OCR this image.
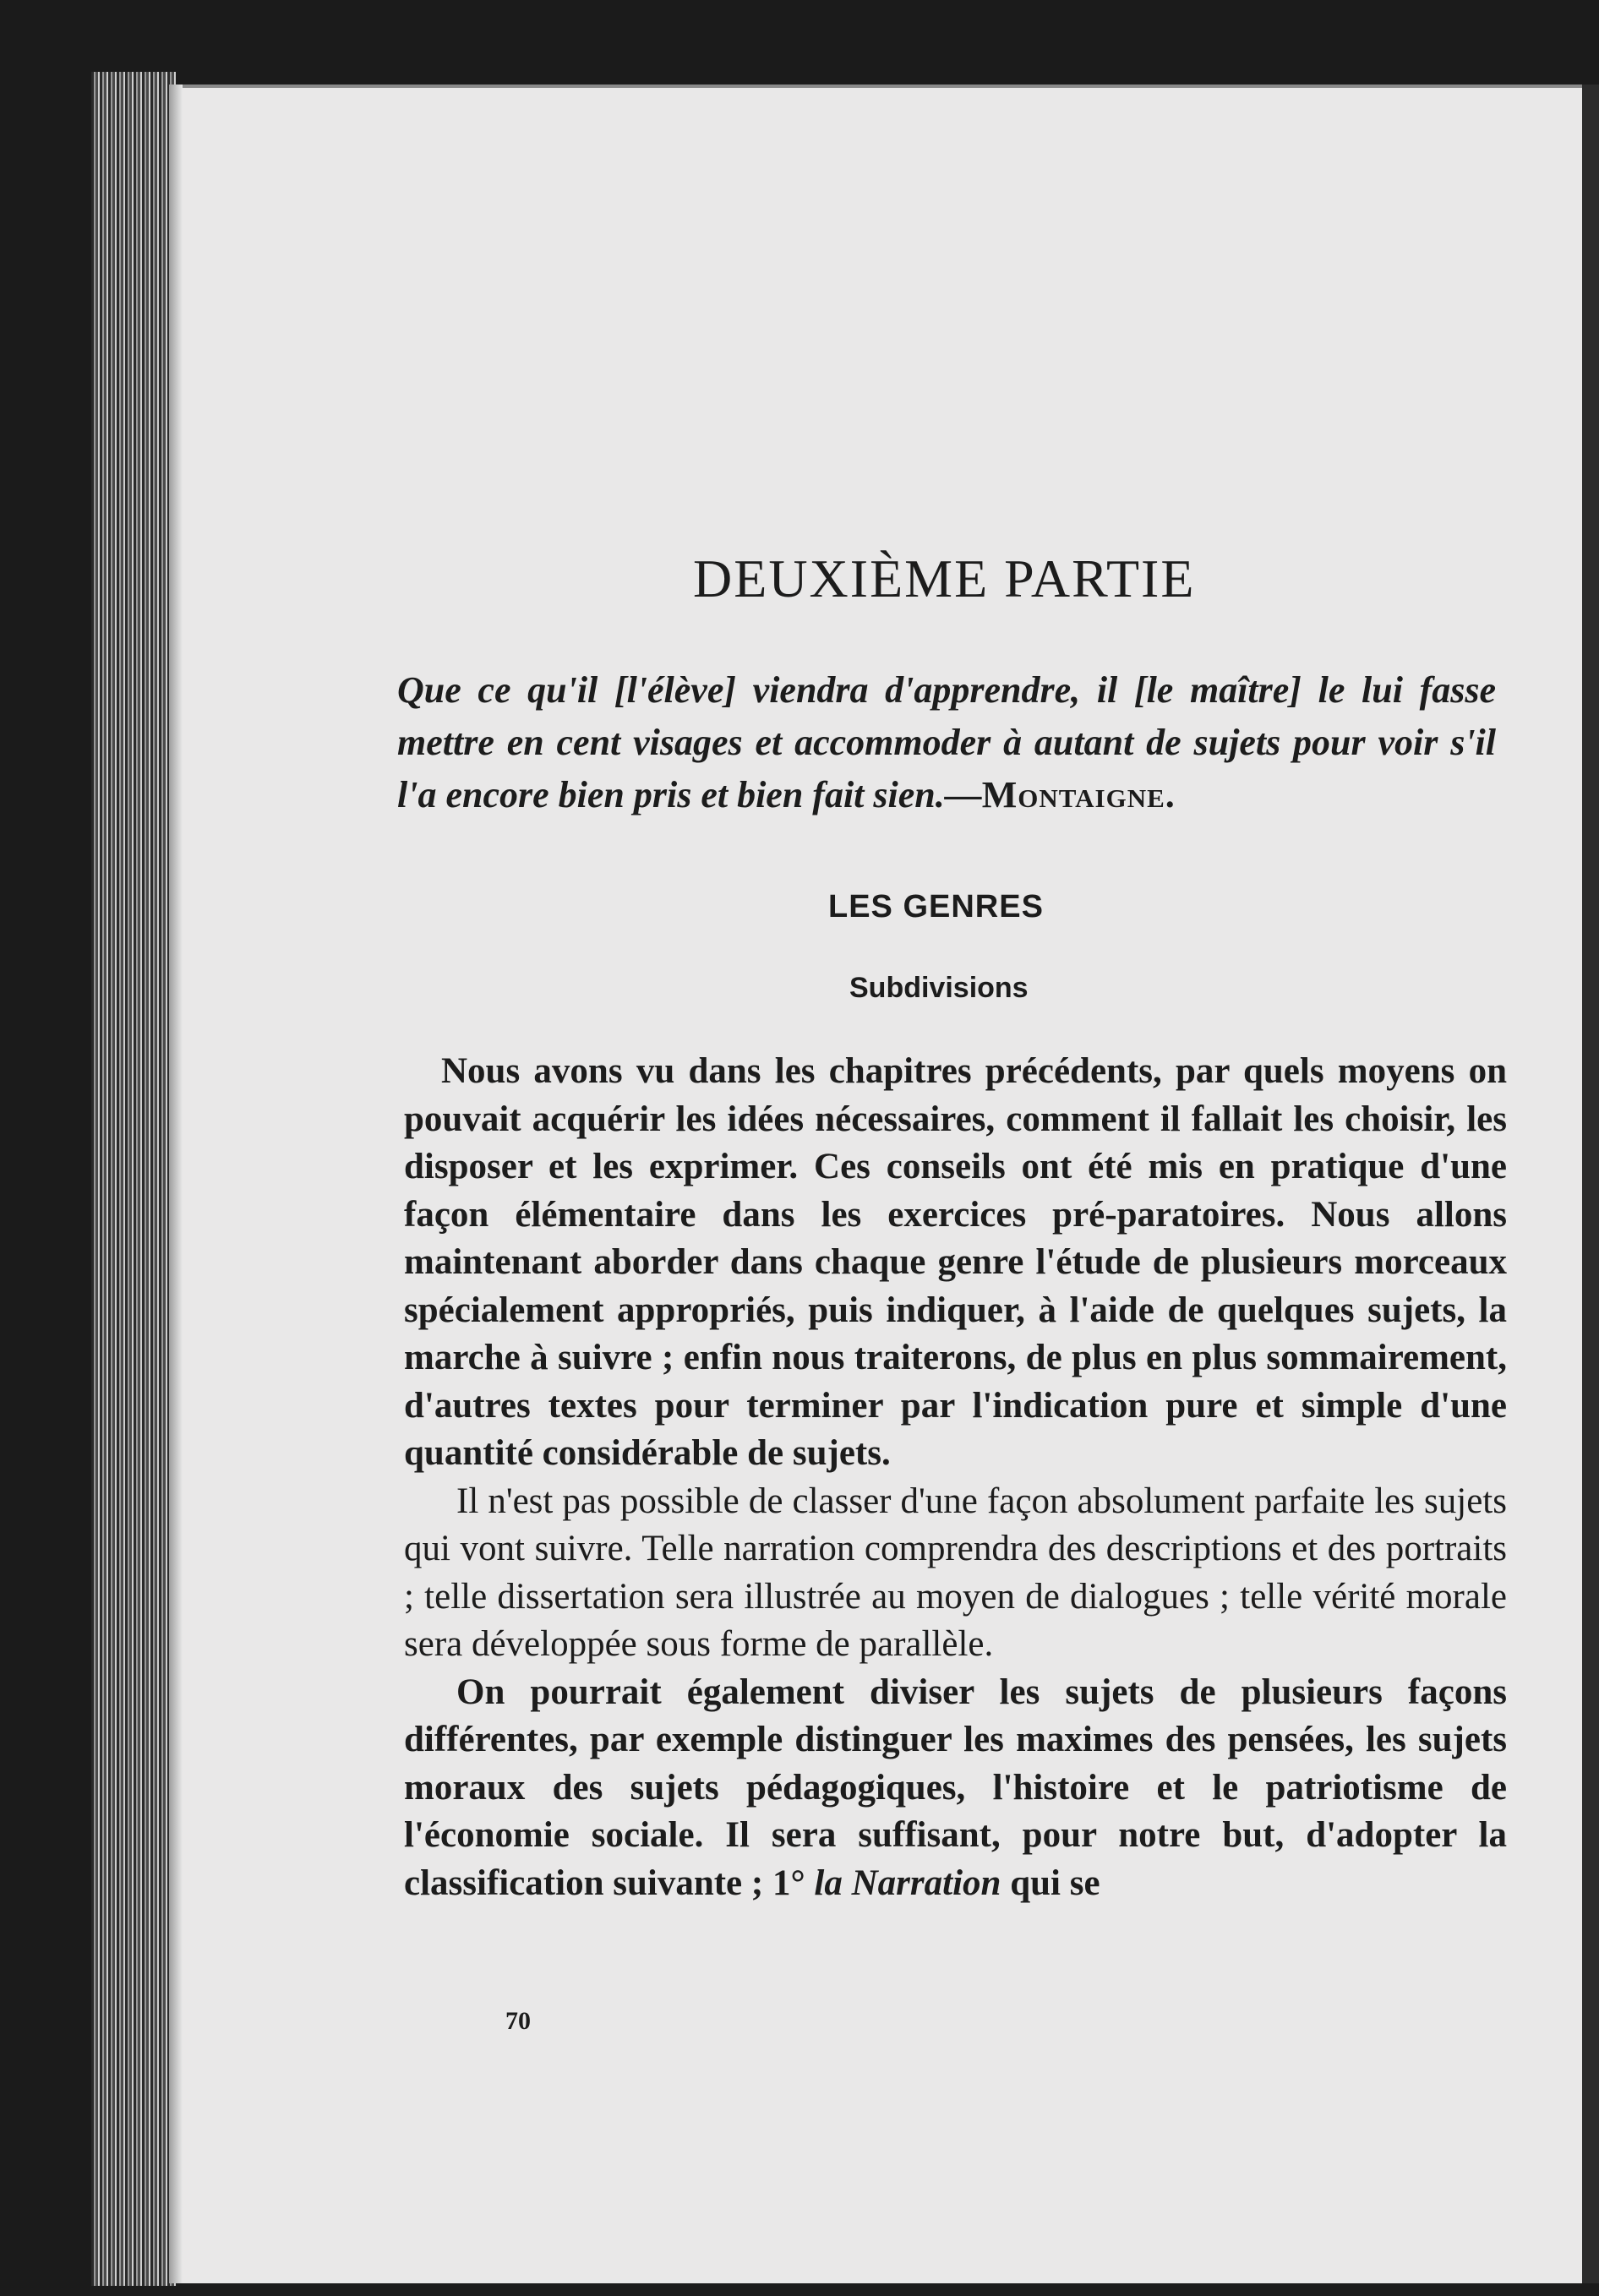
DEUXIÈME PARTIE

Que ce qu'il [l'élève] viendra d'apprendre, il [le maître] le lui fasse mettre en cent visages et accommoder à autant de sujets pour voir s'il l'a encore bien pris et bien fait sien.—Montaigne.

LES GENRES
Subdivisions

Nous avons vu dans les chapitres précédents, par quels moyens on pouvait acquérir les idées nécessaires, comment il fallait les choisir, les disposer et les exprimer. Ces conseils ont été mis en pratique d'une façon élémentaire dans les exercices pré-paratoires. Nous allons maintenant aborder dans chaque genre l'étude de plusieurs morceaux spécialement appropriés, puis indiquer, à l'aide de quelques sujets, la marche à suivre ; enfin nous traiterons, de plus en plus sommairement, d'autres textes pour terminer par l'indication pure et simple d'une quantité considérable de sujets.

Il n'est pas possible de classer d'une façon absolument parfaite les sujets qui vont suivre. Telle narration comprendra des descriptions et des portraits ; telle dissertation sera illustrée au moyen de dialogues ; telle vérité morale sera développée sous forme de parallèle.

On pourrait également diviser les sujets de plusieurs façons différentes, par exemple distinguer les maximes des pensées, les sujets moraux des sujets pédagogiques, l'histoire et le patriotisme de l'économie sociale. Il sera suffisant, pour notre but, d'adopter la classification suivante ; 1° la Narration qui se

70
